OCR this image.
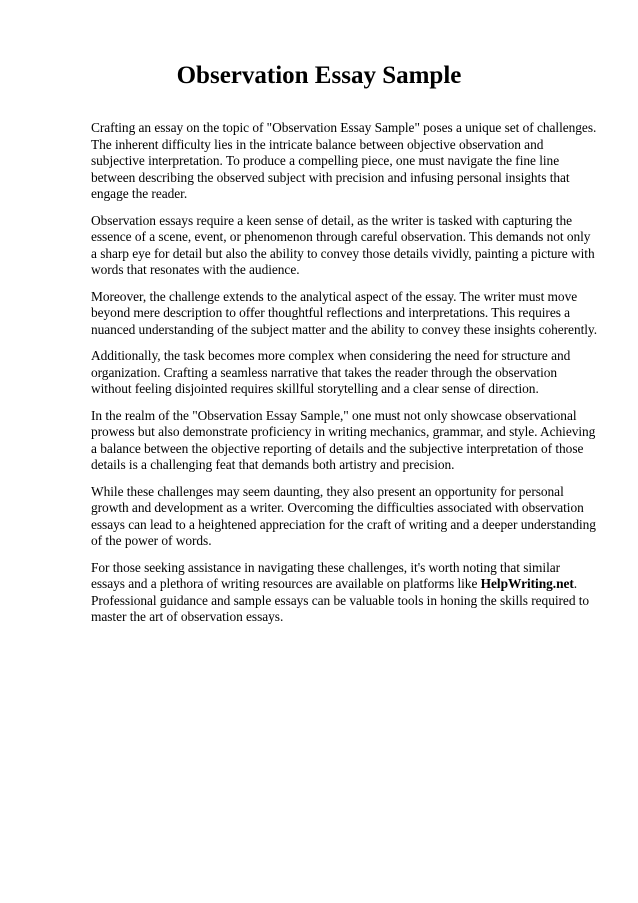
Observation Essay Sample

Crafting an essay on the topic of "Observation Essay Sample" poses a unique set of challenges. The inherent difficulty lies in the intricate balance between objective observation and subjective interpretation. To produce a compelling piece, one must navigate the fine line between describing the observed subject with precision and infusing personal insights that engage the reader.

Observation essays require a keen sense of detail, as the writer is tasked with capturing the essence of a scene, event, or phenomenon through careful observation. This demands not only a sharp eye for detail but also the ability to convey those details vividly, painting a picture with words that resonates with the audience.

Moreover, the challenge extends to the analytical aspect of the essay. The writer must move beyond mere description to offer thoughtful reflections and interpretations. This requires a nuanced understanding of the subject matter and the ability to convey these insights coherently.

Additionally, the task becomes more complex when considering the need for structure and organization. Crafting a seamless narrative that takes the reader through the observation without feeling disjointed requires skillful storytelling and a clear sense of direction.

In the realm of the "Observation Essay Sample," one must not only showcase observational prowess but also demonstrate proficiency in writing mechanics, grammar, and style. Achieving a balance between the objective reporting of details and the subjective interpretation of those details is a challenging feat that demands both artistry and precision.

While these challenges may seem daunting, they also present an opportunity for personal growth and development as a writer. Overcoming the difficulties associated with observation essays can lead to a heightened appreciation for the craft of writing and a deeper understanding of the power of words.

For those seeking assistance in navigating these challenges, it's worth noting that similar essays and a plethora of writing resources are available on platforms like HelpWriting.net. Professional guidance and sample essays can be valuable tools in honing the skills required to master the art of observation essays.
